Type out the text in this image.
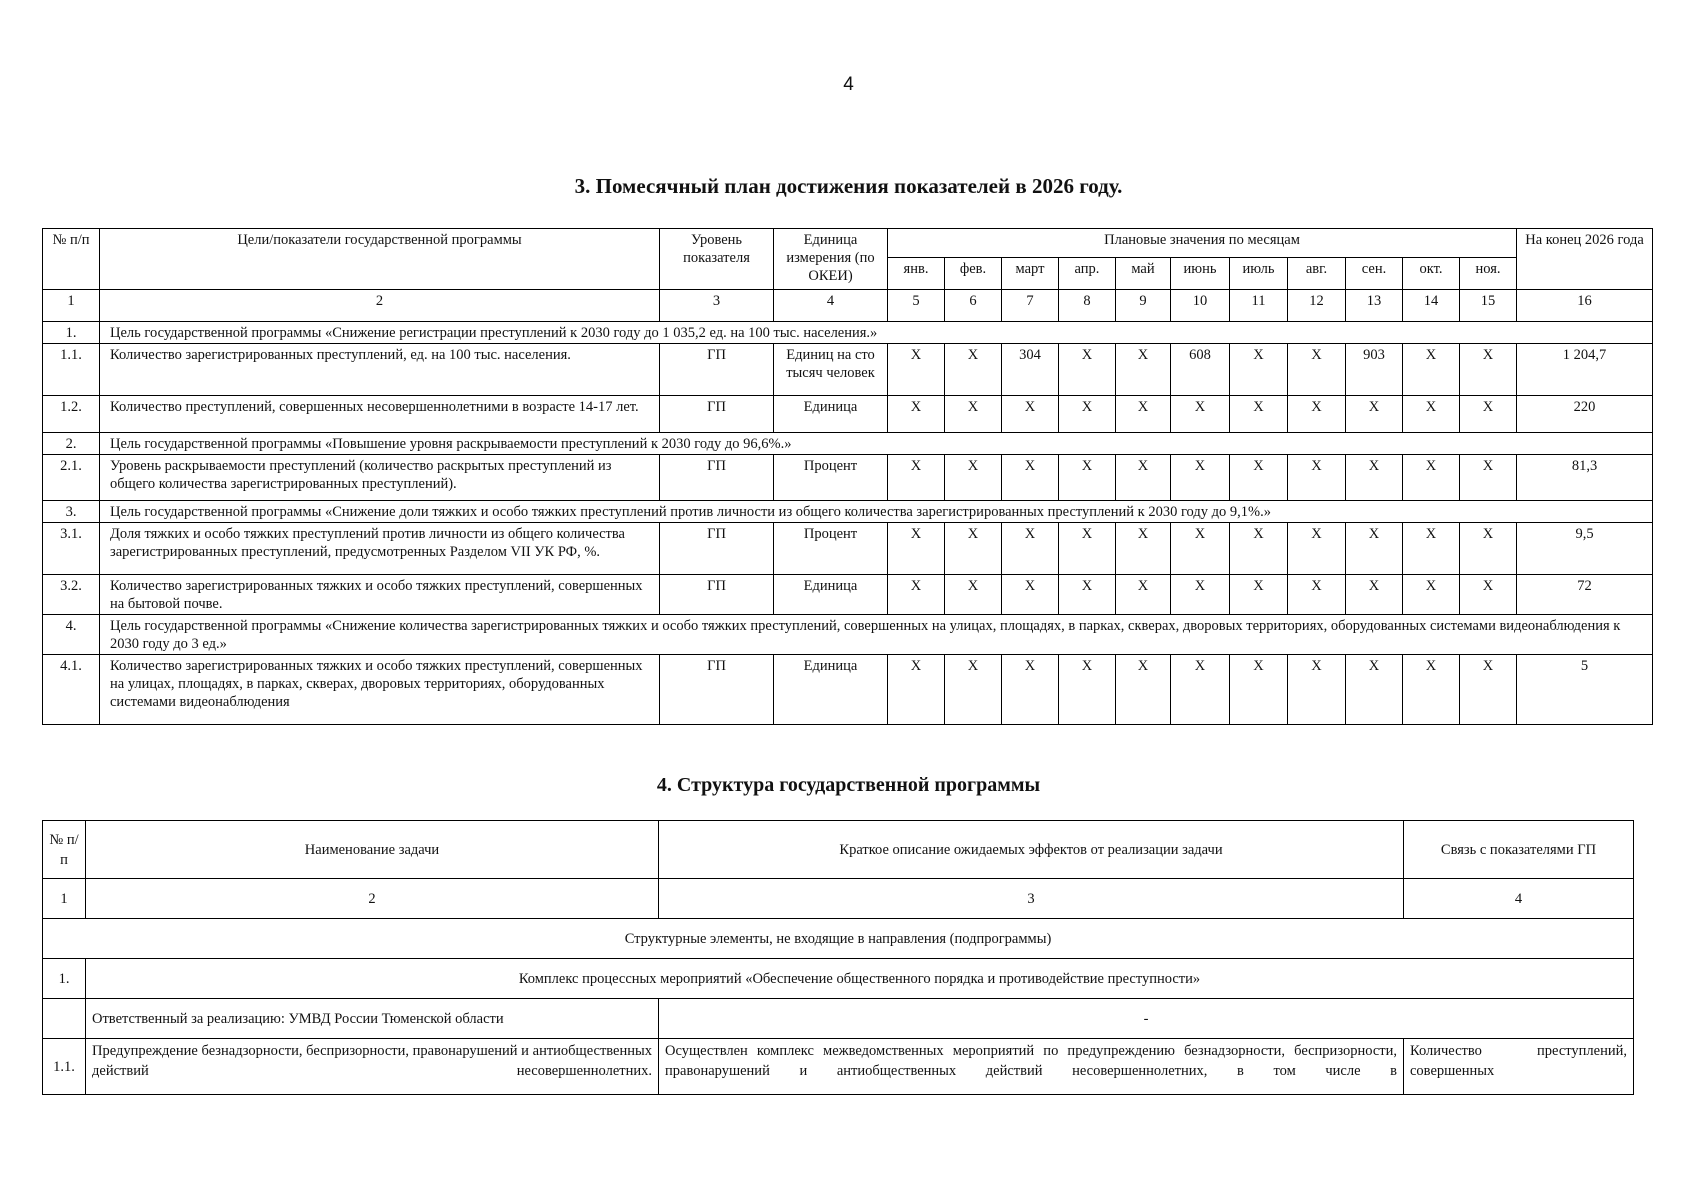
4
3. Помесячный план достижения показателей в 2026 году.
№ п/п	Цели/показатели государственной программы	Уровень показателя	Единица измерения (по ОКЕИ)	Плановые значения по месяцам											На конец 2026 года
				янв.	фев.	март	апр.	май	июнь	июль	авг.	сен.	окт.	ноя.	
1	2	3	4	5	6	7	8	9	10	11	12	13	14	15	16
1.	Цель государственной программы «Снижение регистрации преступлений к 2030 году до 1 035,2 ед. на 100 тыс. населения.»														
1.1.	Количество зарегистрированных преступлений, ед. на 100 тыс. населения.	ГП	Единиц на сто тысяч человек	X	X	304	X	X	608	X	X	903	X	X	1 204,7
1.2.	Количество преступлений, совершенных несовершеннолетними в возрасте 14-17 лет.	ГП	Единица	X	X	X	X	X	X	X	X	X	X	X	220
2.	Цель государственной программы «Повышение уровня раскрываемости преступлений к 2030 году до 96,6%.»														
2.1.	Уровень раскрываемости преступлений (количество раскрытых преступлений из общего количества зарегистрированных преступлений).	ГП	Процент	X	X	X	X	X	X	X	X	X	X	X	81,3
3.	Цель государственной программы «Снижение доли тяжких и особо тяжких преступлений против личности из общего количества зарегистрированных преступлений к 2030 году до 9,1%.»														
3.1.	Доля тяжких и особо тяжких преступлений против личности из общего количества зарегистрированных преступлений, предусмотренных Разделом VII УК РФ, %.	ГП	Процент	X	X	X	X	X	X	X	X	X	X	X	9,5
3.2.	Количество зарегистрированных тяжких и особо тяжких преступлений, совершенных на бытовой почве.	ГП	Единица	X	X	X	X	X	X	X	X	X	X	X	72
4.	Цель государственной программы «Снижение количества зарегистрированных тяжких и особо тяжких преступлений, совершенных на улицах, площадях, в парках, скверах, дворовых территориях, оборудованных системами видеонаблюдения к 2030 году до 3 ед.»														
4.1.	Количество зарегистрированных тяжких и особо тяжких преступлений, совершенных на улицах, площадях, в парках, скверах, дворовых территориях, оборудованных системами видеонаблюдения	ГП	Единица	X	X	X	X	X	X	X	X	X	X	X	5
4. Структура государственной программы
№ п/п	Наименование задачи	Краткое описание ожидаемых эффектов от реализации задачи	Связь с показателями ГП
1	2	3	4
Структурные элементы, не входящие в направления (подпрограммы)			
1.	Комплекс процессных мероприятий «Обеспечение общественного порядка и противодействие преступности»		
	Ответственный за реализацию: УМВД России Тюменской области	-	
1.1.	Предупреждение безнадзорности, беспризорности, правонарушений и антиобщественных действий несовершеннолетних.	Осуществлен комплекс межведомственных мероприятий по предупреждению безнадзорности, беспризорности, правонарушений и антиобщественных действий несовершеннолетних, в том числе в	Количество преступлений, совершенных
